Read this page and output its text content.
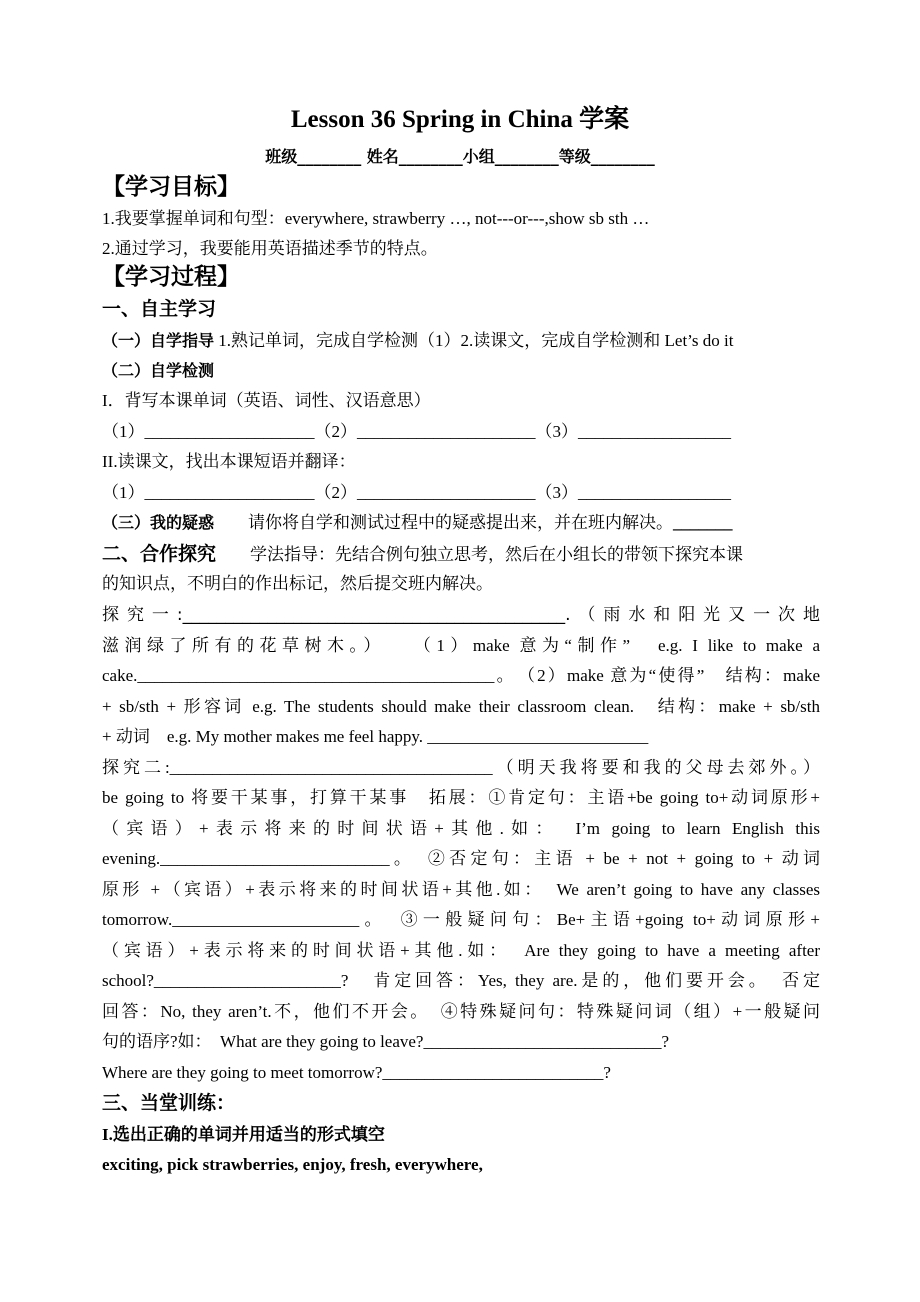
Lesson 36 Spring in China 学案
班级________ 姓名________小组________等级________
【学习目标】
1.我要掌握单词和句型：everywhere, strawberry …, not---or---,show sb sth …
2.通过学习，我要能用英语描述季节的特点。
【学习过程】
一、自主学习
（一）自学指导 1.熟记单词，完成自学检测（1）2.读课文，完成自学检测和 Let’s do it
（二）自学检测
I．背写本课单词（英语、词性、汉语意思）
（1）____________________（2）_____________________（3）__________________
II.读课文，找出本课短语并翻译：
（1）____________________（2）_____________________（3）__________________
（三）我的疑惑 请你将自学和测试过程中的疑惑提出来，并在班内解决。_______
二、合作探究 学法指导：先结合例句独立思考，然后在小组长的带领下探究本课
的知识点，不明白的作出标记，然后提交班内解决。
探究一:_____________________________________________.（雨水和阳光又一次地
滋润绿了所有的花草树木。）　　（1）make 意为“制作”　e.g. I like to make a
cake.__________________________________________。　（2）make 意为“使得”　结构：make
+ sb/sth + 形容词 e.g. The students should make their classroom clean.　结构：make + sb/sth
+ 动词　e.g. My mother makes me feel happy. __________________________
探究二:______________________________________（明天我将要和我的父母去郊外。）
be going to 将要干某事，打算干某事　拓展：①肯定句：主语+be going to+动词原形+
（宾语）+表示将来的时间状语+其他.如：　I’m going to learn English this
evening.___________________________。　②否定句：主语 + be + not + going to + 动词
原形 +（宾语）+表示将来的时间状语+其他.如：　We aren’t going to have any classes
tomorrow.______________________。　③一般疑问句：Be+主语+going to+动词原形+
（宾语）+表示将来的时间状语+其他.如：　Are they going to have a meeting after
school?______________________?　肯定回答：Yes, they are.是的，他们要开会。　否定
回答：No, they aren’t.不，他们不开会。　④特殊疑问句：特殊疑问词（组）+一般疑问
句的语序?如：　What are they going to leave?____________________________?
Where are they going to meet tomorrow?__________________________?
三、当堂训练：
I.选出正确的单词并用适当的形式填空
exciting, pick strawberries, enjoy, fresh, everywhere,
